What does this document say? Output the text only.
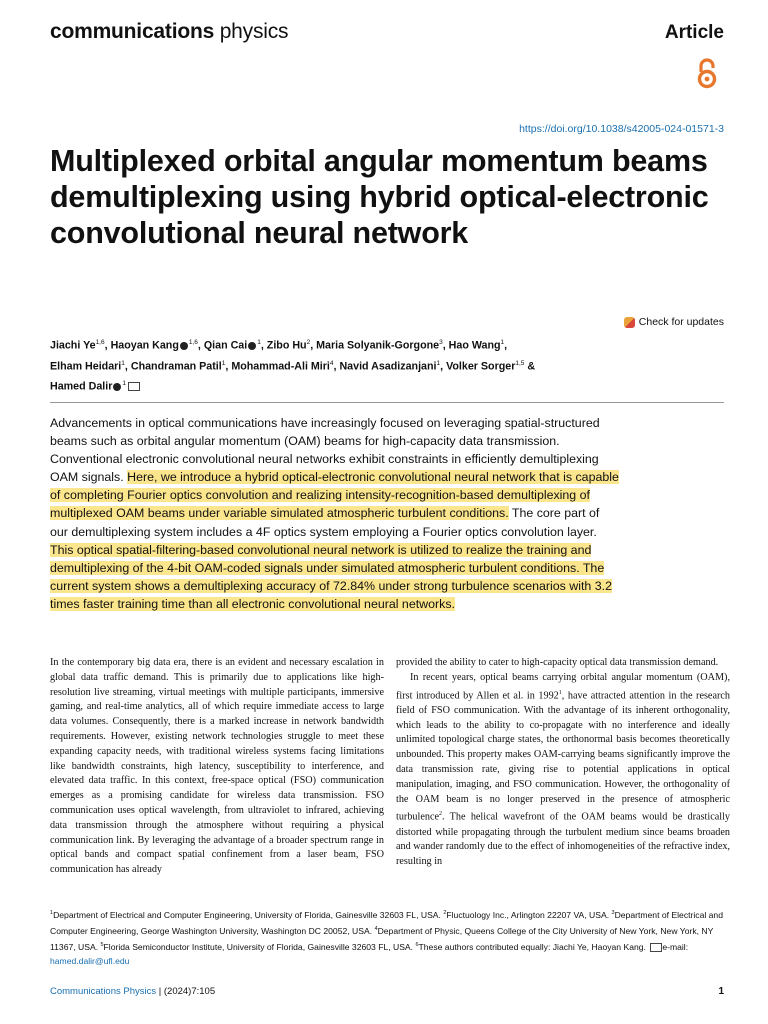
communications physics	Article
https://doi.org/10.1038/s42005-024-01571-3
Multiplexed orbital angular momentum beams demultiplexing using hybrid optical-electronic convolutional neural network
Check for updates
Jiachi Ye$^{1,6}$, Haoyan Kang $^{1,6}$, Qian Cai $^1$, Zibo Hu$^2$, Maria Solyanik-Gorgone$^3$, Hao Wang$^1$,
Elham Heidari$^1$, Chandraman Patil$^1$, Mohammad-Ali Miri$^4$, Navid Asadizanjani$^1$, Volker Sorger$^{1,5}$ &
Hamed Dalir $^1$

Advancements in optical communications have increasingly focused on leveraging spatial-structured beams such as orbital angular momentum (OAM) beams for high-capacity data transmission. Conventional electronic convolutional neural networks exhibit constraints in efficiently demultiplexing OAM signals. Here, we introduce a hybrid optical-electronic convolutional neural network that is capable of completing Fourier optics convolution and realizing intensity-recognition-based demultiplexing of multiplexed OAM beams under variable simulated atmospheric turbulent conditions. The core part of our demultiplexing system includes a 4F optics system employing a Fourier optics convolution layer. This optical spatial-filtering-based convolutional neural network is utilized to realize the training and demultiplexing of the 4-bit OAM-coded signals under simulated atmospheric turbulent conditions. The current system shows a demultiplexing accuracy of 72.84% under strong turbulence scenarios with 3.2 times faster training time than all electronic convolutional neural networks.

In the contemporary big data era, there is an evident and necessary escalation in global data traffic demand. This is primarily due to applications like high-resolution live streaming, virtual meetings with multiple participants, immersive gaming, and real-time analytics, all of which require immediate access to large data volumes. Consequently, there is a marked increase in network bandwidth requirements. However, existing network technologies struggle to meet these expanding capacity needs, with traditional wireless systems facing limitations like bandwidth constraints, high latency, susceptibility to interference, and elevated data traffic. In this context, free-space optical (FSO) communication emerges as a promising candidate for wireless data transmission. FSO communication uses optical wavelength, from ultraviolet to infrared, achieving data transmission through the atmosphere without requiring a physical communication link. By leveraging the advantage of a broader spectrum range in optical bands and compact spatial confinement from a laser beam, FSO communication has already

provided the ability to cater to high-capacity optical data transmission demand.

In recent years, optical beams carrying orbital angular momentum (OAM), first introduced by Allen et al. in 1992$^1$, have attracted attention in the research field of FSO communication. With the advantage of its inherent orthogonality, which leads to the ability to co-propagate with no interference and ideally unlimited topological charge states, the orthonormal basis becomes theoretically unbounded. This property makes OAM-carrying beams significantly improve the data transmission rate, giving rise to potential applications in optical manipulation, imaging, and FSO communication. However, the orthogonality of the OAM beam is no longer preserved in the presence of atmospheric turbulence$^2$. The helical wavefront of the OAM beams would be drastically distorted while propagating through the turbulent medium since beams broaden and wander randomly due to the effect of inhomogeneities of the refractive index, resulting in

$^1$Department of Electrical and Computer Engineering, University of Florida, Gainesville 32603 FL, USA. $^2$Fluctuology Inc., Arlington 22207 VA, USA. $^3$Department of Electrical and Computer Engineering, George Washington University, Washington DC 20052, USA. $^4$Department of Physic, Queens College of the City University of New York, New York, NY 11367, USA. $^5$Florida Semiconductor Institute, University of Florida, Gainesville 32603 FL, USA. $^6$These authors contributed equally: Jiachi Ye, Haoyan Kang. e-mail: hamed.dalir@ufl.edu

Communications Physics | (2024)7:105	1
